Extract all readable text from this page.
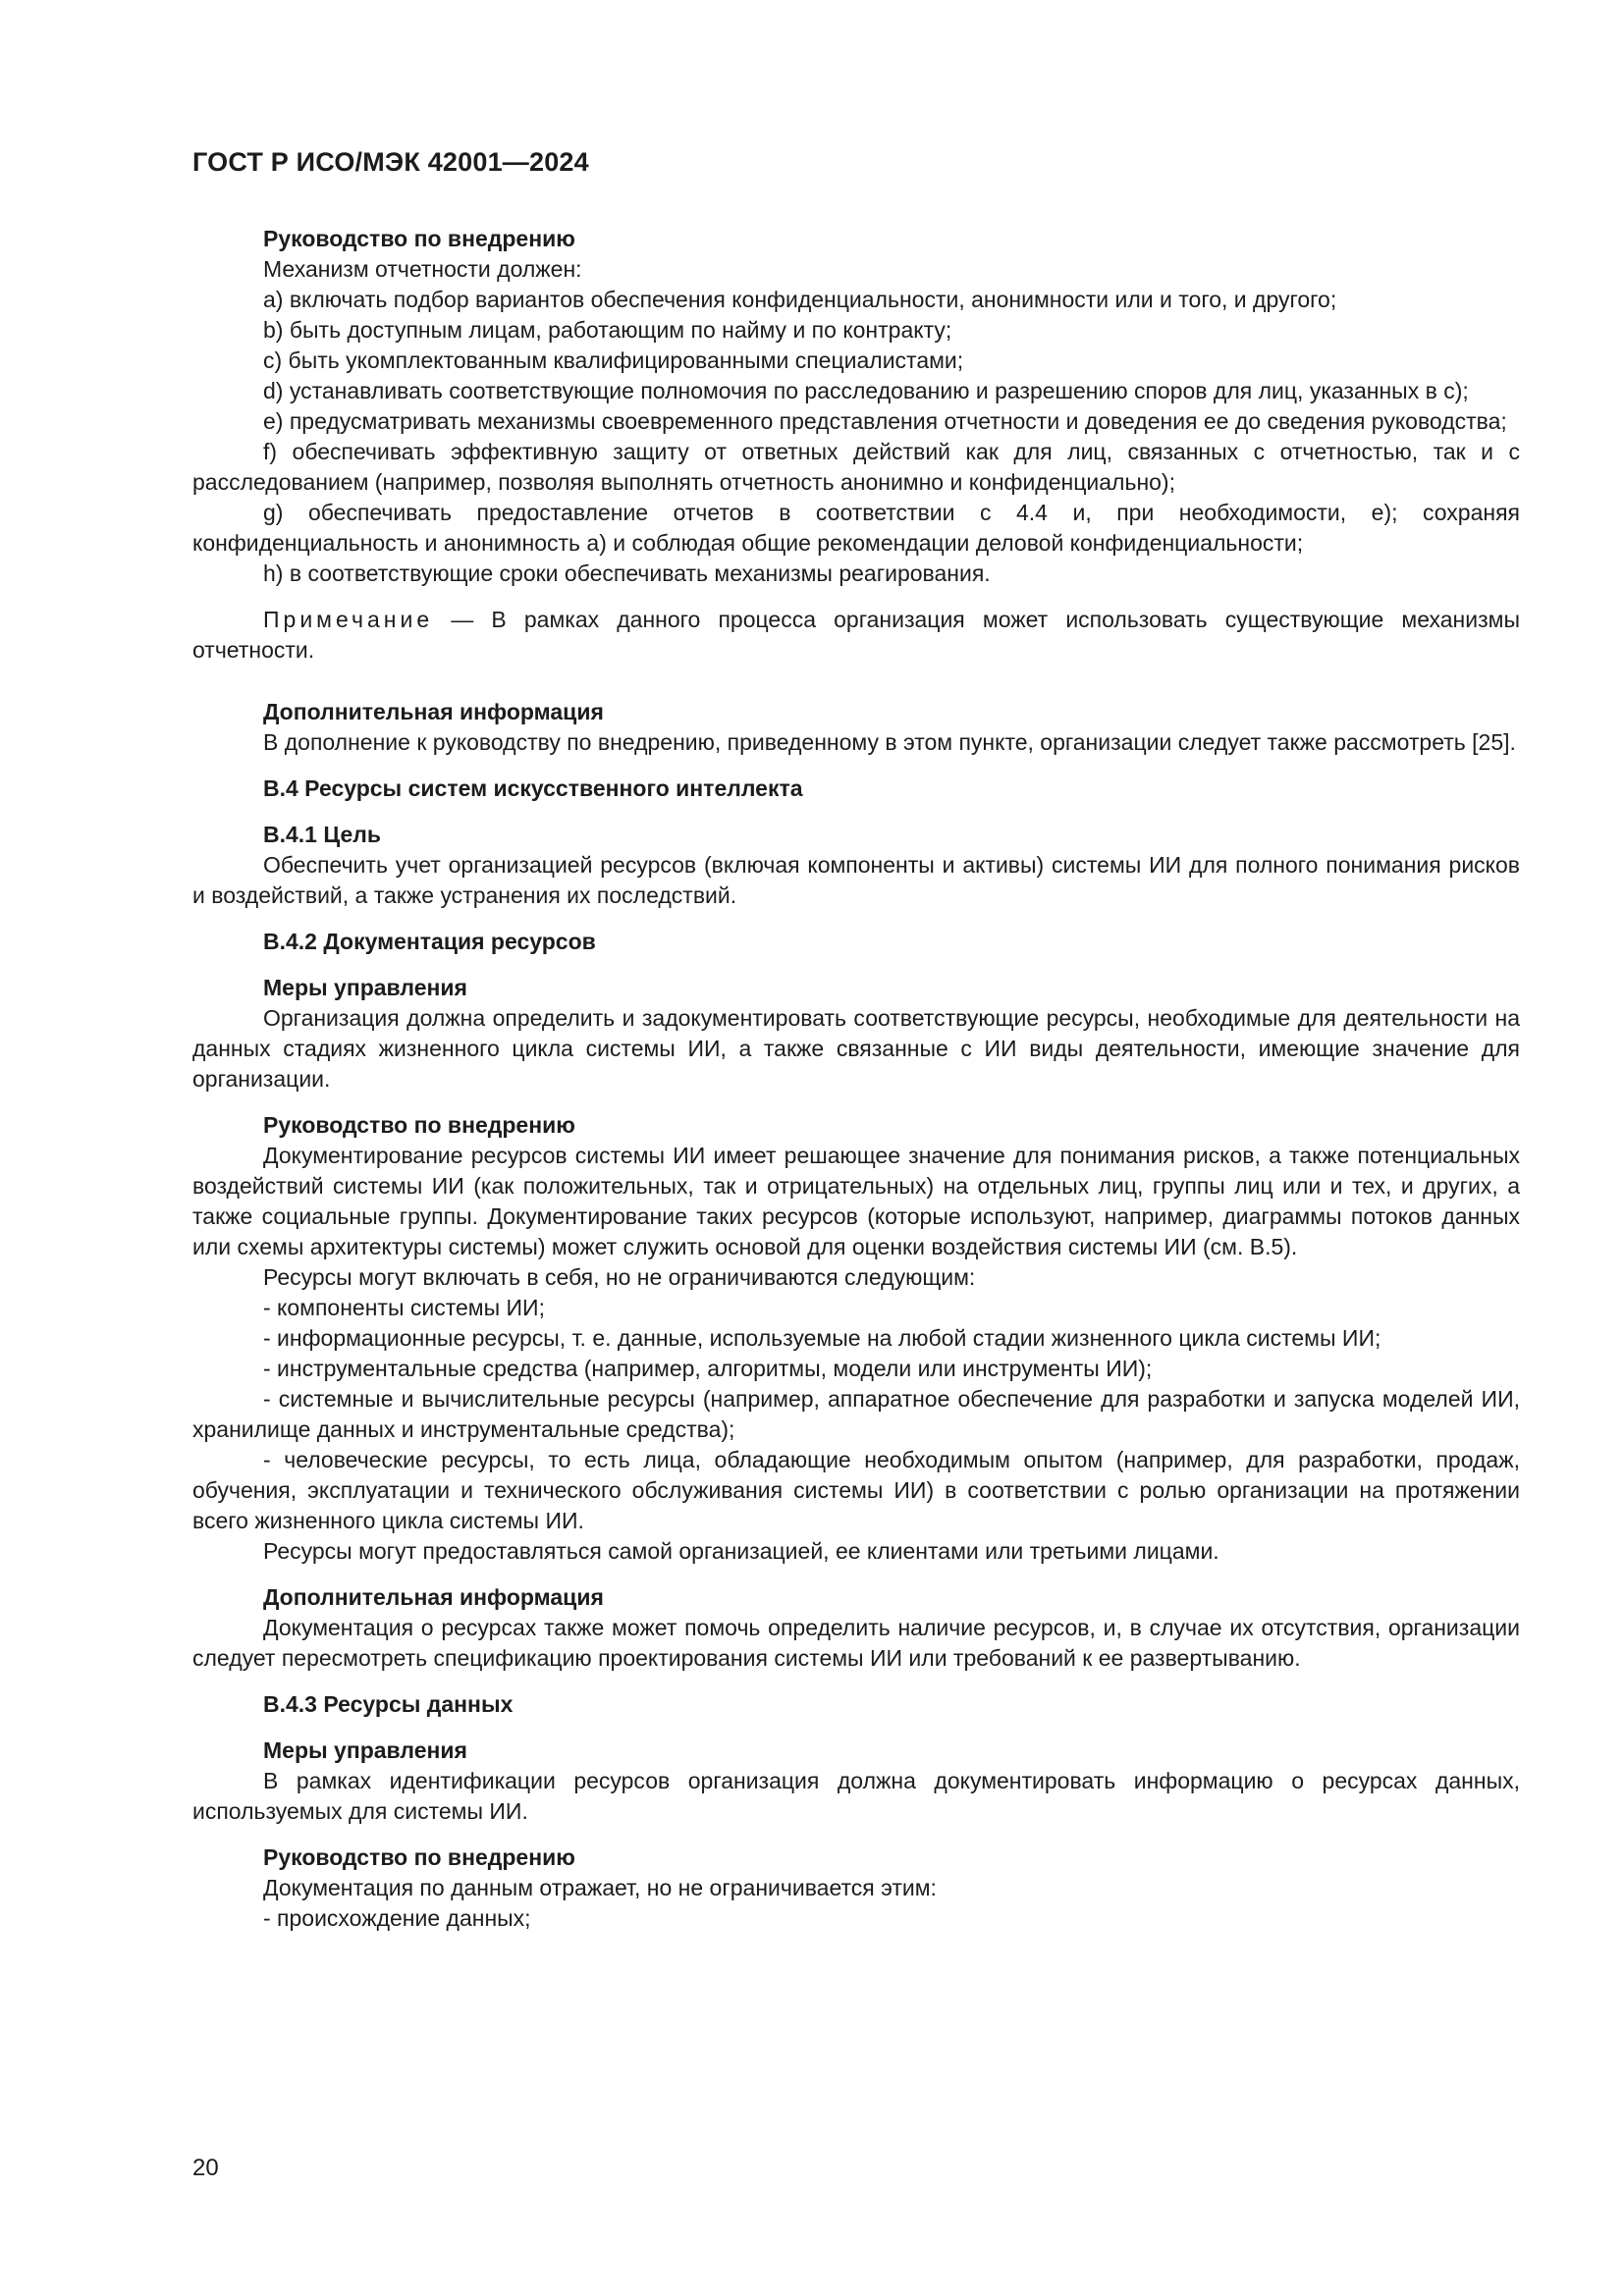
ГОСТ Р ИСО/МЭК 42001—2024

Руководство по внедрению

Механизм отчетности должен:

a) включать подбор вариантов обеспечения конфиденциальности, анонимности или и того, и другого;

b) быть доступным лицам, работающим по найму и по контракту;

c) быть укомплектованным квалифицированными специалистами;

d) устанавливать соответствующие полномочия по расследованию и разрешению споров для лиц, указанных в c);

e) предусматривать механизмы своевременного представления отчетности и доведения ее до сведения руководства;

f) обеспечивать эффективную защиту от ответных действий как для лиц, связанных с отчетностью, так и с расследованием (например, позволяя выполнять отчетность анонимно и конфиденциально);

g) обеспечивать предоставление отчетов в соответствии с 4.4 и, при необходимости, e); сохраняя конфиденциальность и анонимность a) и соблюдая общие рекомендации деловой конфиденциальности;

h) в соответствующие сроки обеспечивать механизмы реагирования.

Примечание — В рамках данного процесса организация может использовать существующие механизмы отчетности.

Дополнительная информация

В дополнение к руководству по внедрению, приведенному в этом пункте, организации следует также рассмотреть [25].

B.4 Ресурсы систем искусственного интеллекта

B.4.1 Цель

Обеспечить учет организацией ресурсов (включая компоненты и активы) системы ИИ для полного понимания рисков и воздействий, а также устранения их последствий.

B.4.2 Документация ресурсов

Меры управления

Организация должна определить и задокументировать соответствующие ресурсы, необходимые для деятельности на данных стадиях жизненного цикла системы ИИ, а также связанные с ИИ виды деятельности, имеющие значение для организации.

Руководство по внедрению

Документирование ресурсов системы ИИ имеет решающее значение для понимания рисков, а также потенциальных воздействий системы ИИ (как положительных, так и отрицательных) на отдельных лиц, группы лиц или и тех, и других, а также социальные группы. Документирование таких ресурсов (которые используют, например, диаграммы потоков данных или схемы архитектуры системы) может служить основой для оценки воздействия системы ИИ (см. B.5).

Ресурсы могут включать в себя, но не ограничиваются следующим:

- компоненты системы ИИ;

- информационные ресурсы, т. е. данные, используемые на любой стадии жизненного цикла системы ИИ;

- инструментальные средства (например, алгоритмы, модели или инструменты ИИ);

- системные и вычислительные ресурсы (например, аппаратное обеспечение для разработки и запуска моделей ИИ, хранилище данных и инструментальные средства);

- человеческие ресурсы, то есть лица, обладающие необходимым опытом (например, для разработки, продаж, обучения, эксплуатации и технического обслуживания системы ИИ) в соответствии с ролью организации на протяжении всего жизненного цикла системы ИИ.

Ресурсы могут предоставляться самой организацией, ее клиентами или третьими лицами.

Дополнительная информация

Документация о ресурсах также может помочь определить наличие ресурсов, и, в случае их отсутствия, организации следует пересмотреть спецификацию проектирования системы ИИ или требований к ее развертыванию.

B.4.3 Ресурсы данных

Меры управления

В рамках идентификации ресурсов организация должна документировать информацию о ресурсах данных, используемых для системы ИИ.

Руководство по внедрению

Документация по данным отражает, но не ограничивается этим:

- происхождение данных;

20
